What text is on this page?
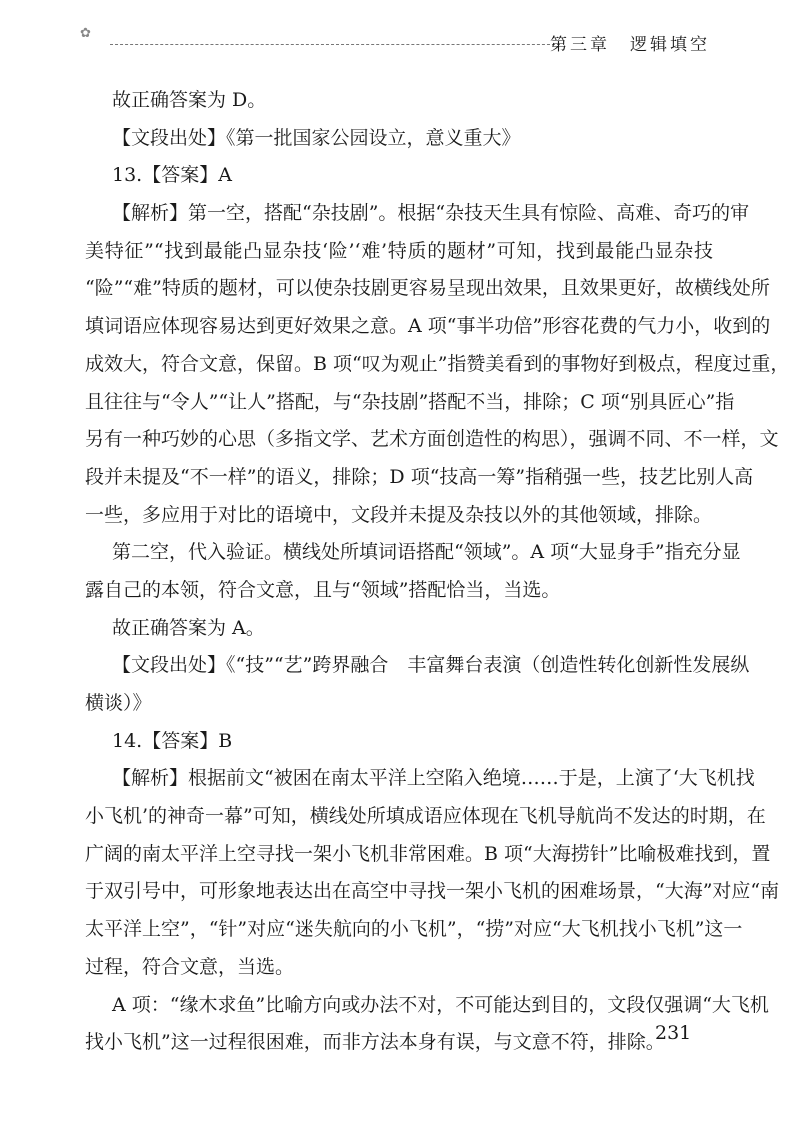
✿
第三章　逻辑填空
故正确答案为 D。
【文段出处】《第一批国家公园设立，意义重大》
13.【答案】A
【解析】第一空，搭配“杂技剧”。根据“杂技天生具有惊险、高难、奇巧的审
美特征”“找到最能凸显杂技‘险’‘难’特质的题材”可知，找到最能凸显杂技
“险”“难”特质的题材，可以使杂技剧更容易呈现出效果，且效果更好，故横线处所
填词语应体现容易达到更好效果之意。A 项“事半功倍”形容花费的气力小，收到的
成效大，符合文意，保留。B 项“叹为观止”指赞美看到的事物好到极点，程度过重，
且往往与“令人”“让人”搭配，与“杂技剧”搭配不当，排除；C 项“别具匠心”指
另有一种巧妙的心思（多指文学、艺术方面创造性的构思），强调不同、不一样，文
段并未提及“不一样”的语义，排除；D 项“技高一筹”指稍强一些，技艺比别人高
一些，多应用于对比的语境中，文段并未提及杂技以外的其他领域，排除。
第二空，代入验证。横线处所填词语搭配“领域”。A 项“大显身手”指充分显
露自己的本领，符合文意，且与“领域”搭配恰当，当选。
故正确答案为 A。
【文段出处】《“技”“艺”跨界融合　丰富舞台表演（创造性转化创新性发展纵
横谈）》
14.【答案】B
【解析】根据前文“被困在南太平洋上空陷入绝境……于是，上演了‘大飞机找
小飞机’的神奇一幕”可知，横线处所填成语应体现在飞机导航尚不发达的时期，在
广阔的南太平洋上空寻找一架小飞机非常困难。B 项“大海捞针”比喻极难找到，置
于双引号中，可形象地表达出在高空中寻找一架小飞机的困难场景，“大海”对应“南
太平洋上空”，“针”对应“迷失航向的小飞机”，“捞”对应“大飞机找小飞机”这一
过程，符合文意，当选。
A 项：“缘木求鱼”比喻方向或办法不对，不可能达到目的，文段仅强调“大飞机
找小飞机”这一过程很困难，而非方法本身有误，与文意不符，排除。
231
